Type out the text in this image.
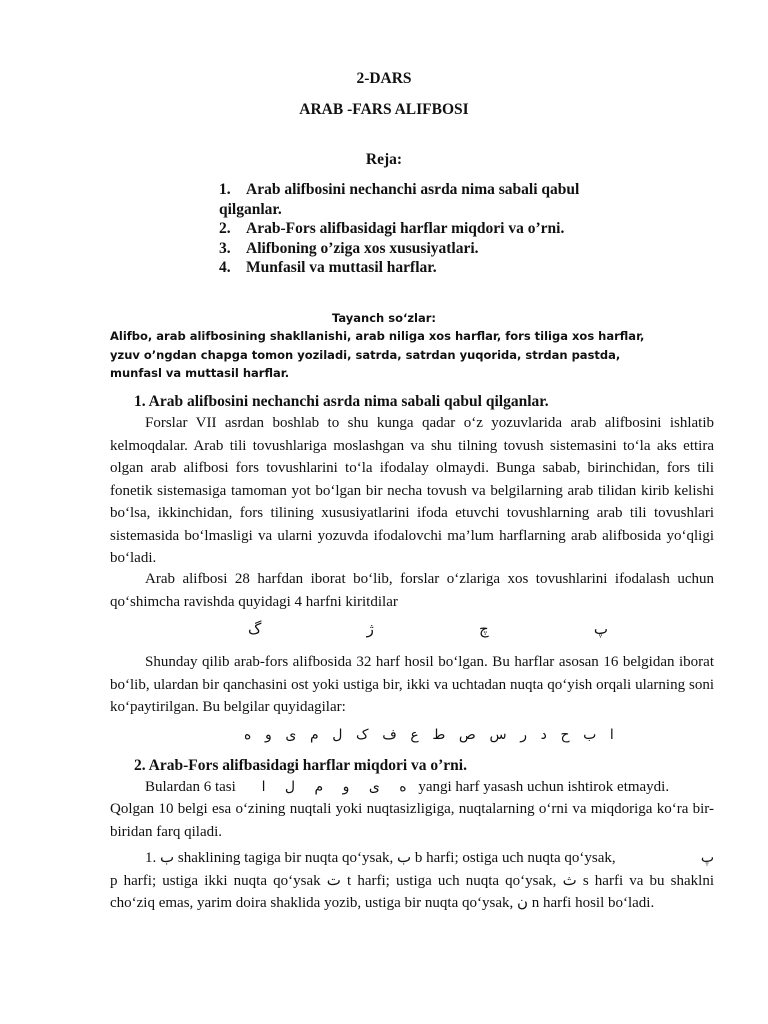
2-DARS
ARAB -FARS ALIFBOSI
Reja:
1. Arab alifbosini nechanchi asrda nima sabali qabul
qilganlar.
2. Arab-Fors alifbasidagi harflar miqdori va o’rni.
3. Alifboning o’ziga xos xususiyatlari.
4. Munfasil va muttasil harflar.
Tayanch so‘zlar:
Alifbo, arab alifbosining shakllanishi, arab niliga xos harflar, fors tiligа xos harflar,
yzuv o’ngdan chapga tomon yoziladi, satrda, satrdan yuqorida, strdan pastda,
munfasl va muttasil harflar.
1. Arab alifbosini nechanchi asrda nima sabali qabul qilganlar.
Forslar VII asrdan boshlab to shu kunga qadar o‘z yozuvlarida arab alifbosini ishlatib kelmoqdalar. Arab tili tovushlariga moslashgan va shu tilning tovush sistemasini to‘la aks ettira olgan arab alifbosi fors tovushlarini to‘la ifodalay olmaydi. Bunga sabab, birinchidan, fors tili fonetik sistemasiga tamoman yot bo‘lgan bir necha tovush va belgilarning arab tilidan kirib kelishi bo‘lsa, ikkinchidan, fors tilining xususiyatlarini ifoda etuvchi tovushlarning arab tili tovushlari sistemasida bo‘lmasligi va ularni yozuvda ifodalovchi ma’lum harflarning arab alifbosida yo‘qligi bo‘ladi.
Arab alifbosi 28 harfdan iborat bo‘lib, forslar o‘zlariga xos tovushlarini ifodalash uchun qo‘shimcha ravishda quyidagi 4 harfni kiritdilar
گ	ژ	چ	پ
Shunday qilib arab-fors alifbosida 32 harf hosil bo‘lgan. Bu harflar asosan 16 belgidan iborat bo‘lib, ulardan bir qanchasini ost yoki ustiga bir, ikki va uchtadan nuqta qo‘yish orqali ularning soni ko‘paytirilgan. Bu belgilar quyidagilar:
ه و ی م ل ک ف ع ط ص س ر د ح ب ا
2. Arab-Fors alifbasidagi harflar miqdori va o’rni.
Bulardan 6 tasi ا ل م و ی ه yangi harf yasash uchun ishtirok etmaydi.
Qolgan 10 belgi esa o‘zining nuqtali yoki nuqtasizligiga, nuqtalarning o‘rni va miqdoriga ko‘ra bir-biridan farq qiladi.
1. ب shaklining tagiga bir nuqta qo‘ysak, ب b harfi; ostiga uch nuqta qo‘ysak,	پ
p harfi; ustiga ikki nuqta qo‘ysak ت t harfi; ustiga uch nuqta qo‘ysak, ث s harfi va bu shaklni cho‘ziq emas, yarim doira shaklida yozib, ustiga bir nuqta qo‘ysak, ن n harfi hosil bo‘ladi.
